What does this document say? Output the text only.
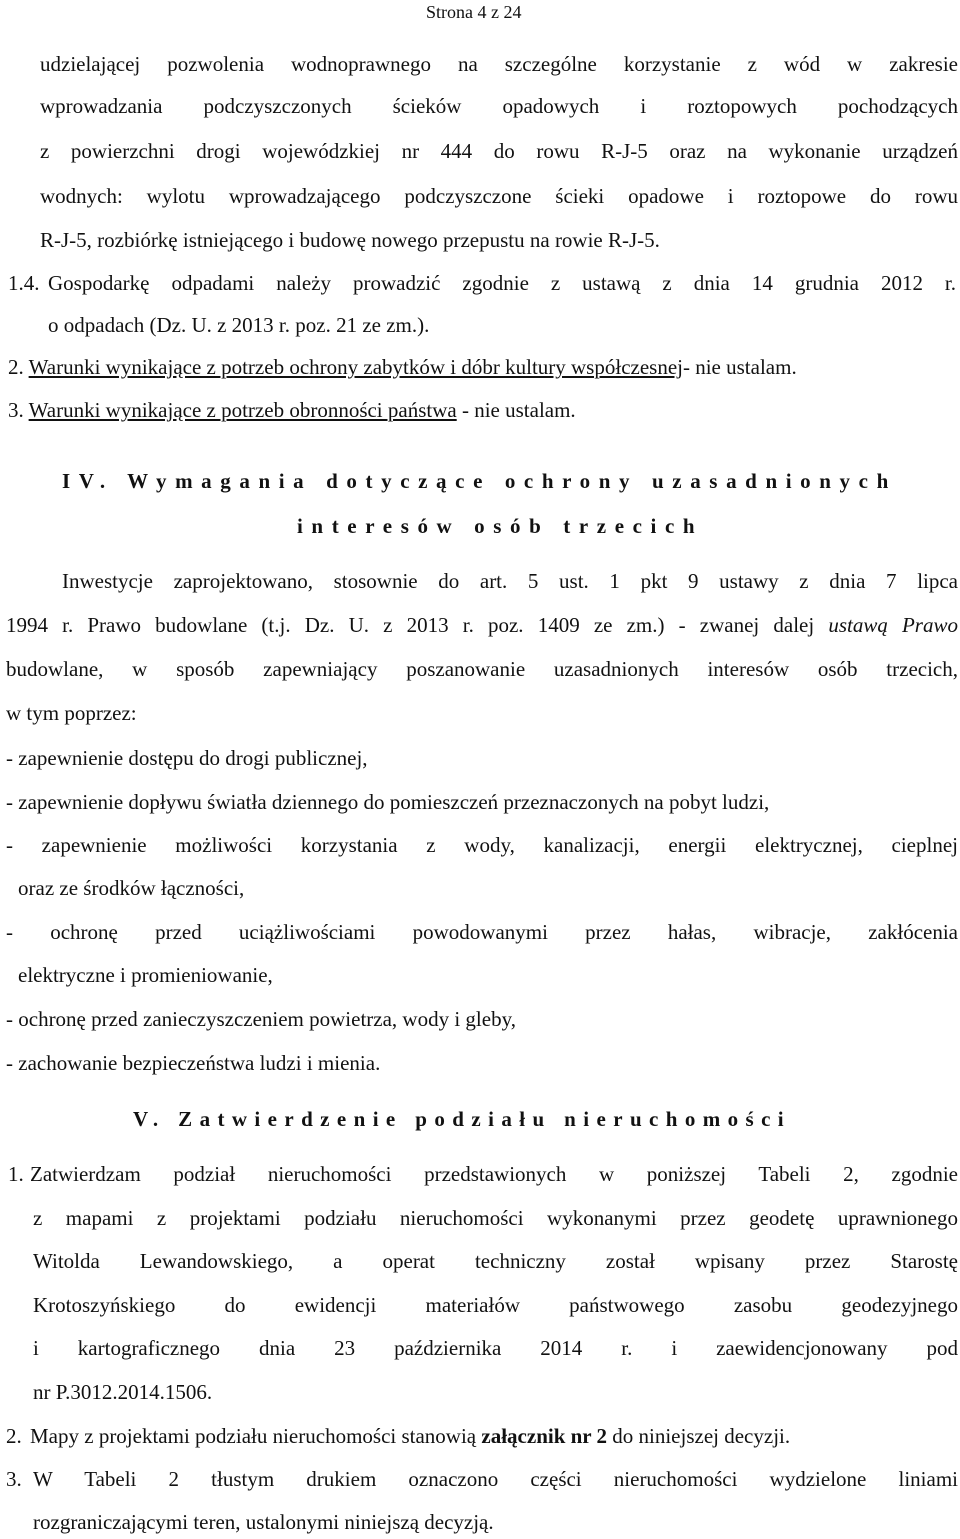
Strona 4 z 24
udzielającej pozwolenia wodnoprawnego na szczególne korzystanie z wód w zakresie
wprowadzania podczyszczonych ścieków opadowych i roztopowych pochodzących
z powierzchni drogi wojewódzkiej nr 444 do rowu R-J-5 oraz na wykonanie urządzeń
wodnych: wylotu wprowadzającego podczyszczone ścieki opadowe i roztopowe do rowu
R-J-5, rozbiórkę istniejącego i budowę nowego przepustu na rowie R-J-5.
1.4. Gospodarkę odpadami należy prowadzić zgodnie z ustawą z dnia 14 grudnia 2012 r.
o odpadach (Dz. U. z 2013 r. poz. 21 ze zm.).
2. Warunki wynikające z potrzeb ochrony zabytków i dóbr kultury współczesnej- nie ustalam.
3. Warunki wynikające z potrzeb obronności państwa - nie ustalam.
IV. Wymagania dotyczące ochrony uzasadnionych
interesów osób trzecich
Inwestycje zaprojektowano, stosownie do art. 5 ust. 1 pkt 9 ustawy z dnia 7 lipca
1994 r. Prawo budowlane (t.j. Dz. U. z 2013 r. poz. 1409 ze zm.) - zwanej dalej ustawą Prawo
budowlane, w sposób zapewniający poszanowanie uzasadnionych interesów osób trzecich,
w tym poprzez:
- zapewnienie dostępu do drogi publicznej,
- zapewnienie dopływu światła dziennego do pomieszczeń przeznaczonych na pobyt ludzi,
- zapewnienie możliwości korzystania z wody, kanalizacji, energii elektrycznej, cieplnej
oraz ze środków łączności,
- ochronę przed uciążliwościami powodowanymi przez hałas, wibracje, zakłócenia
elektryczne i promieniowanie,
- ochronę przed zanieczyszczeniem powietrza, wody i gleby,
- zachowanie bezpieczeństwa ludzi i mienia.
V. Zatwierdzenie podziału nieruchomości
1. Zatwierdzam podział nieruchomości przedstawionych w poniższej Tabeli 2, zgodnie
z mapami z projektami podziału nieruchomości wykonanymi przez geodetę uprawnionego
Witolda Lewandowskiego, a operat techniczny został wpisany przez Starostę
Krotoszyńskiego do ewidencji materiałów państwowego zasobu geodezyjnego
i kartograficznego dnia 23 października 2014 r. i zaewidencjonowany pod
nr P.3012.2014.1506.
2. Mapy z projektami podziału nieruchomości stanowią załącznik nr 2 do niniejszej decyzji.
3. W Tabeli 2 tłustym drukiem oznaczono części nieruchomości wydzielone liniami
rozgraniczającymi teren, ustalonymi niniejszą decyzją.
